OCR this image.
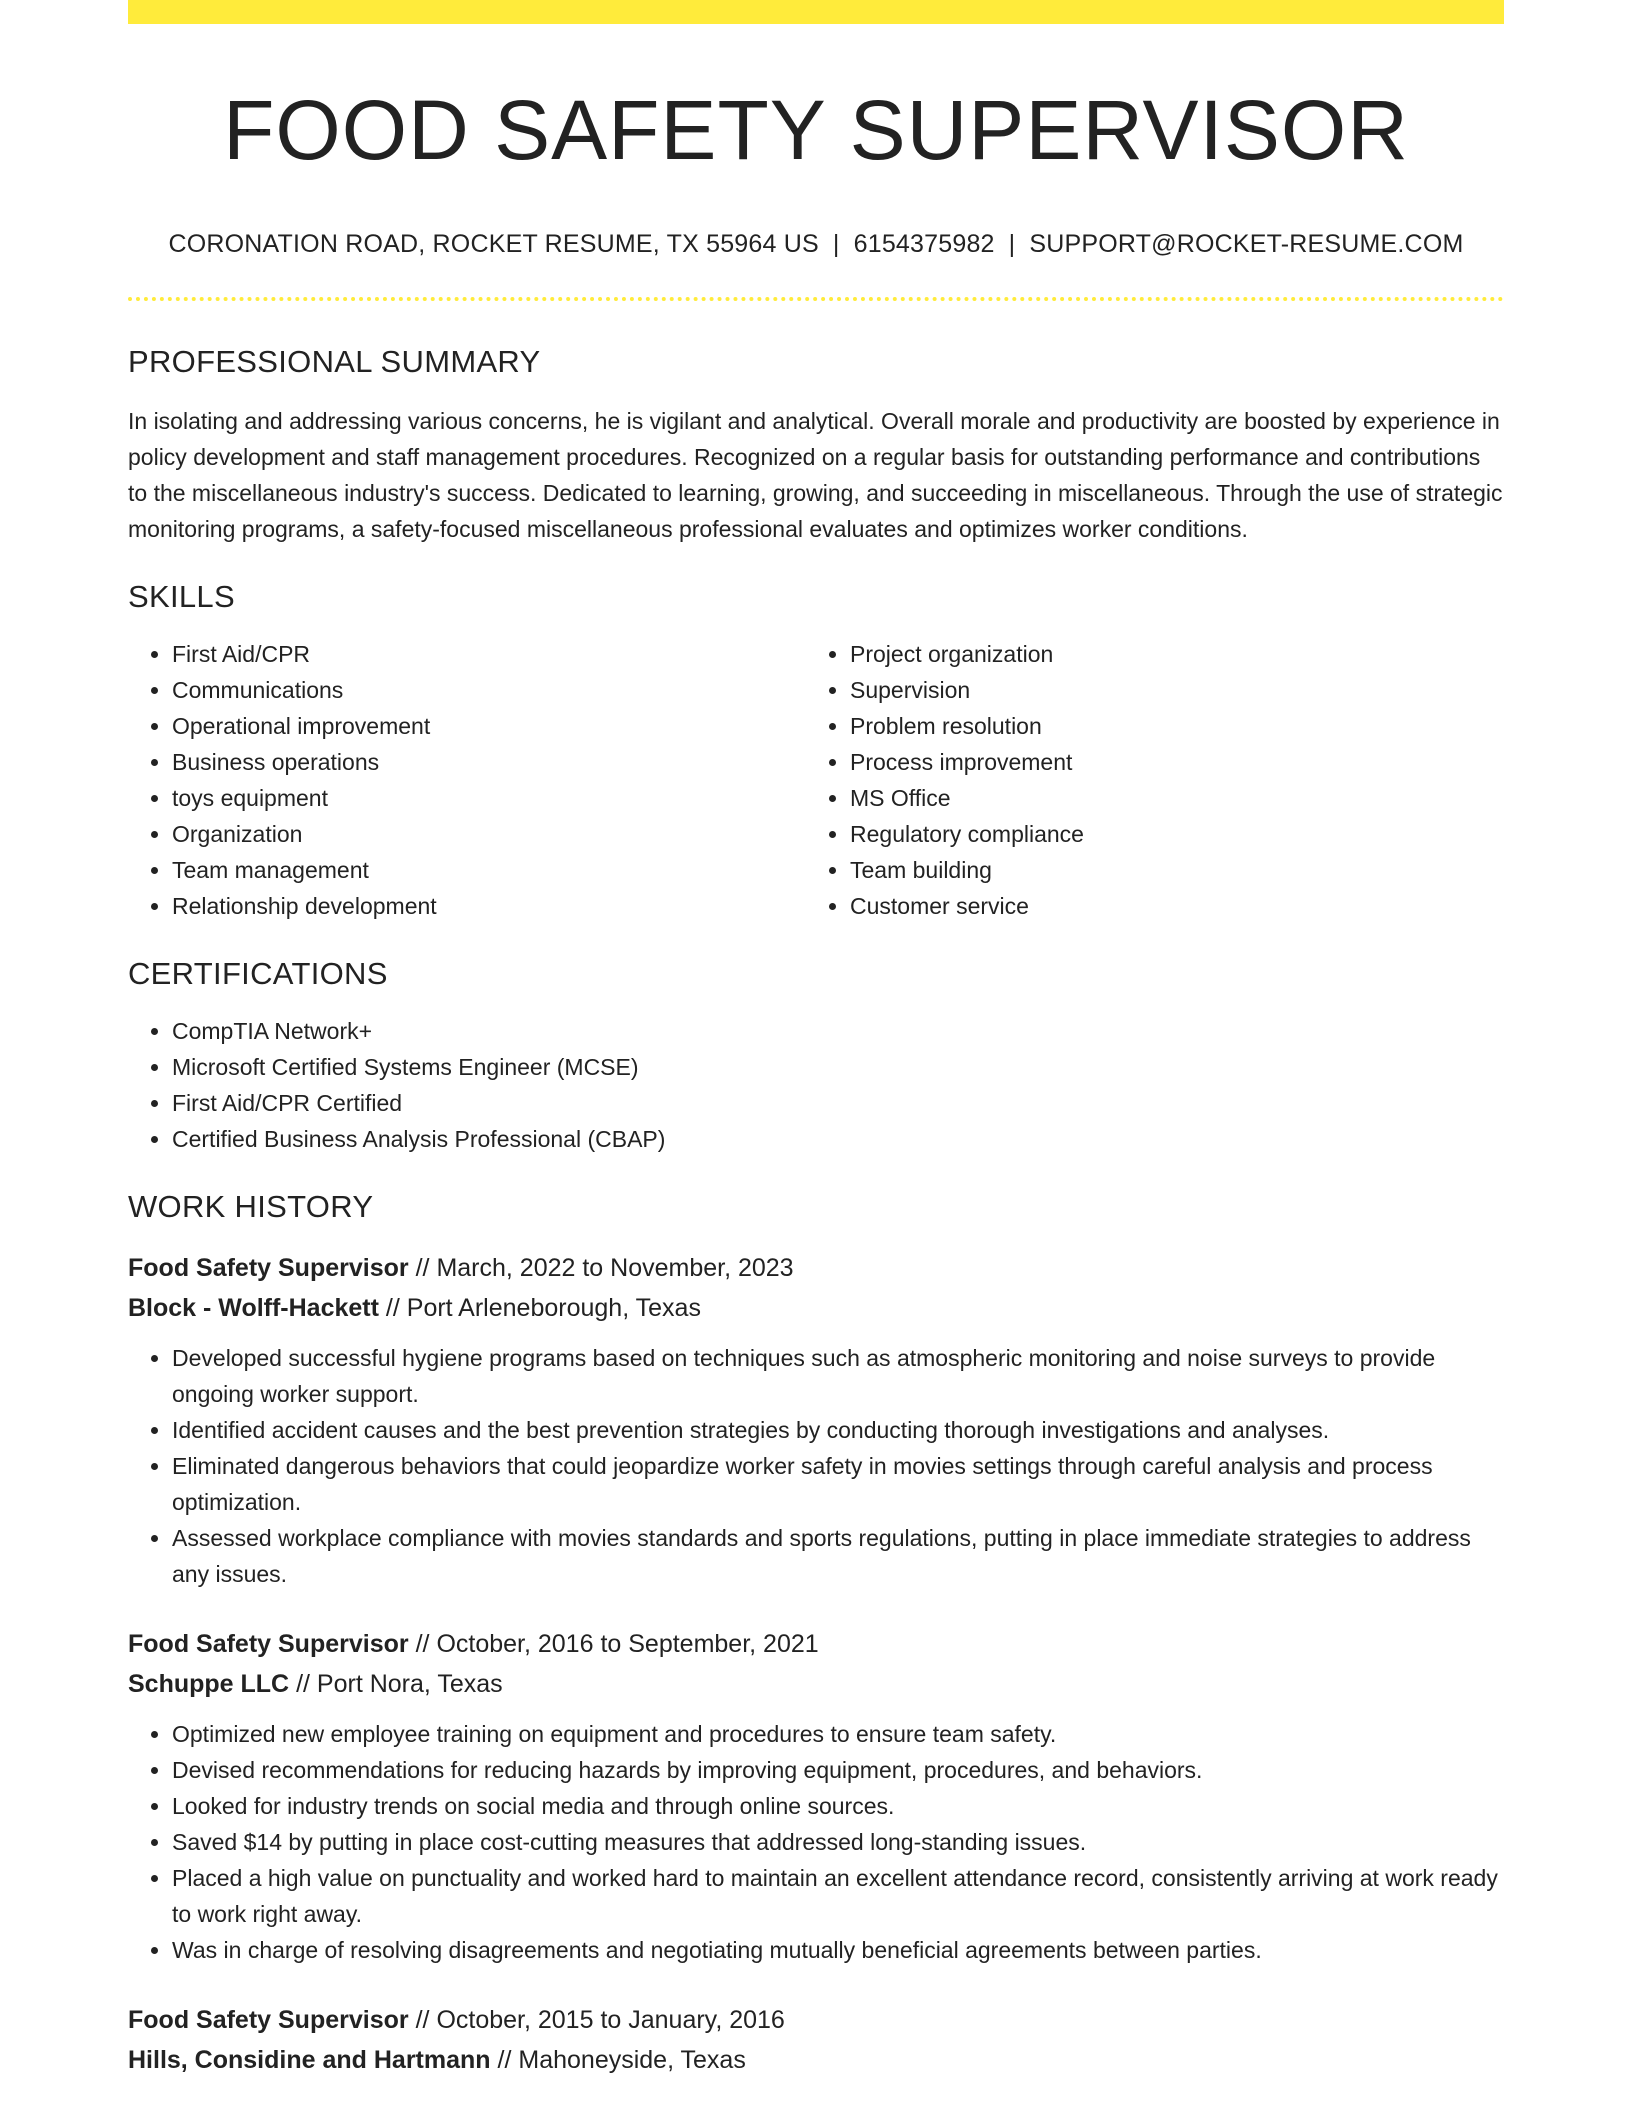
FOOD SAFETY SUPERVISOR
CORONATION ROAD, ROCKET RESUME, TX 55964 US | 6154375982 | SUPPORT@ROCKET-RESUME.COM
PROFESSIONAL SUMMARY

In isolating and addressing various concerns, he is vigilant and analytical. Overall morale and productivity are boosted by experience in policy development and staff management procedures. Recognized on a regular basis for outstanding performance and contributions to the miscellaneous industry's success. Dedicated to learning, growing, and succeeding in miscellaneous. Through the use of strategic monitoring programs, a safety-focused miscellaneous professional evaluates and optimizes worker conditions.

SKILLS
• First Aid/CPR
• Communications
• Operational improvement
• Business operations
• toys equipment
• Organization
• Team management
• Relationship development
• Project organization
• Supervision
• Problem resolution
• Process improvement
• MS Office
• Regulatory compliance
• Team building
• Customer service
CERTIFICATIONS
• CompTIA Network+
• Microsoft Certified Systems Engineer (MCSE)
• First Aid/CPR Certified
• Certified Business Analysis Professional (CBAP)
WORK HISTORY
Food Safety Supervisor // March, 2022 to November, 2023
Block - Wolff-Hackett // Port Arleneborough, Texas
• Developed successful hygiene programs based on techniques such as atmospheric monitoring and noise surveys to provide ongoing worker support.
• Identified accident causes and the best prevention strategies by conducting thorough investigations and analyses.
• Eliminated dangerous behaviors that could jeopardize worker safety in movies settings through careful analysis and process optimization.
• Assessed workplace compliance with movies standards and sports regulations, putting in place immediate strategies to address any issues.
Food Safety Supervisor // October, 2016 to September, 2021
Schuppe LLC // Port Nora, Texas
• Optimized new employee training on equipment and procedures to ensure team safety.
• Devised recommendations for reducing hazards by improving equipment, procedures, and behaviors.
• Looked for industry trends on social media and through online sources.
• Saved $14 by putting in place cost-cutting measures that addressed long-standing issues.
• Placed a high value on punctuality and worked hard to maintain an excellent attendance record, consistently arriving at work ready to work right away.
• Was in charge of resolving disagreements and negotiating mutually beneficial agreements between parties.
Food Safety Supervisor // October, 2015 to January, 2016
Hills, Considine and Hartmann // Mahoneyside, Texas
